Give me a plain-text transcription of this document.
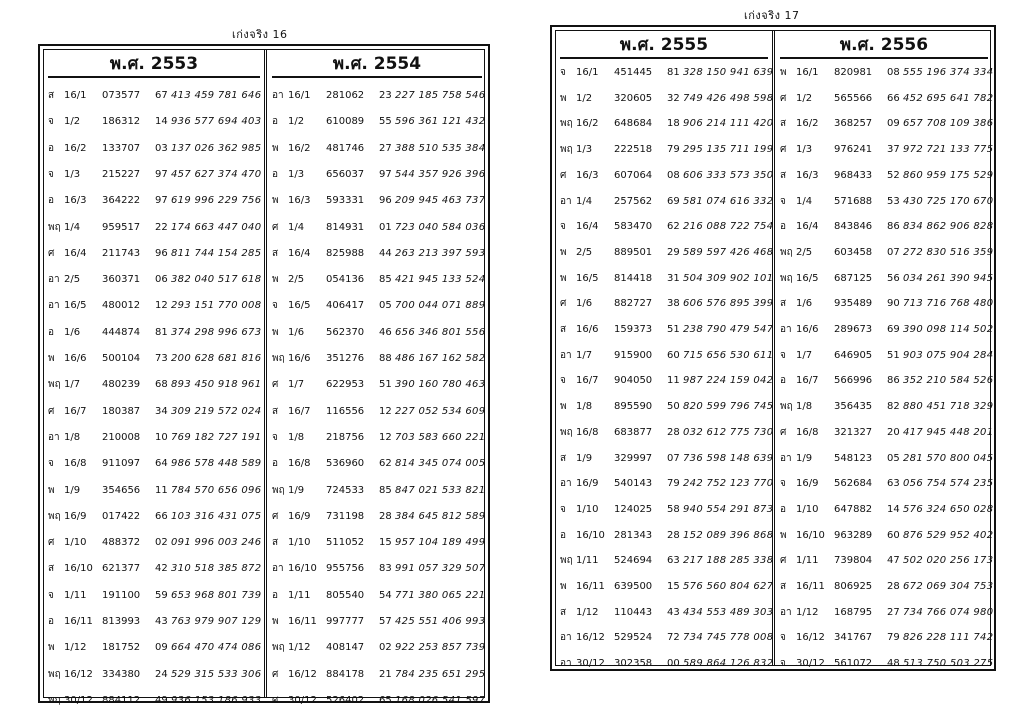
เก่งจริง 16
พ.ศ. 2553
ส 16/1 073577 67 413 459 781 646
จ 1/2 186312 14 936 577 694 403
อ 16/2 133707 03 137 026 362 985
จ 1/3 215227 97 457 627 374 470
อ 16/3 364222 97 619 996 229 756
พฤ 1/4 959517 22 174 663 447 040
ศ 16/4 211743 96 811 744 154 285
อา 2/5 360371 06 382 040 517 618
อา 16/5 480012 12 293 151 770 008
อ 1/6 444874 81 374 298 996 673
พ 16/6 500104 73 200 628 681 816
พฤ 1/7 480239 68 893 450 918 961
ศ 16/7 180387 34 309 219 572 024
อา 1/8 210008 10 769 182 727 191
จ 16/8 911097 64 986 578 448 589
พ 1/9 354656 11 784 570 656 096
พฤ 16/9 017422 66 103 316 431 075
ศ 1/10 488372 02 091 996 003 246
ส 16/10 621377 42 310 518 385 872
จ 1/11 191100 59 653 968 801 739
อ 16/11 813993 43 763 979 907 129
พ 1/12 181752 09 664 470 474 086
พฤ 16/12 334380 24 529 315 533 306
พฤ 30/12 884112 49 936 153 186 933
พ.ศ. 2554
อา 16/1 281062 23 227 185 758 546
อ 1/2 610089 55 596 361 121 432
พ 16/2 481746 27 388 510 535 384
อ 1/3 656037 97 544 357 926 396
พ 16/3 593331 96 209 945 463 737
ศ 1/4 814931 01 723 040 584 036
ส 16/4 825988 44 263 213 397 593
พ 2/5 054136 85 421 945 133 524
จ 16/5 406417 05 700 044 071 889
พ 1/6 562370 46 656 346 801 556
พฤ 16/6 351276 88 486 167 162 582
ศ 1/7 622953 51 390 160 780 463
ส 16/7 116556 12 227 052 534 609
จ 1/8 218756 12 703 583 660 221
อ 16/8 536960 62 814 345 074 005
พฤ 1/9 724533 85 847 021 533 821
ศ 16/9 731198 28 384 645 812 589
ส 1/10 511052 15 957 104 189 499
อา 16/10 955756 83 991 057 329 507
อ 1/11 805540 54 771 380 065 221
พ 16/11 997777 57 425 551 406 993
พฤ 1/12 408147 02 922 253 857 739
ศ 16/12 884178 21 784 235 651 295
ศ 30/12 526402 65 168 026 541 597
เก่งจริง 17
พ.ศ. 2555
จ 16/1 451445 81 328 150 941 639
พ 1/2 320605 32 749 426 498 598
พฤ 16/2 648684 18 906 214 111 420
พฤ 1/3 222518 79 295 135 711 199
ศ 16/3 607064 08 606 333 573 350
อา 1/4 257562 69 581 074 616 332
จ 16/4 583470 62 216 088 722 754
พ 2/5 889501 29 589 597 426 468
พ 16/5 814418 31 504 309 902 101
ศ 1/6 882727 38 606 576 895 399
ส 16/6 159373 51 238 790 479 547
อา 1/7 915900 60 715 656 530 611
จ 16/7 904050 11 987 224 159 042
พ 1/8 895590 50 820 599 796 745
พฤ 16/8 683877 28 032 612 775 730
ส 1/9 329997 07 736 598 148 639
อา 16/9 540143 79 242 752 123 770
จ 1/10 124025 58 940 554 291 873
อ 16/10 281343 28 152 089 396 868
พฤ 1/11 524694 63 217 188 285 338
พ 16/11 639500 15 576 560 804 627
ส 1/12 110443 43 434 553 489 303
อา 16/12 529524 72 734 745 778 008
อา 30/12 302358 00 589 864 126 832
พ.ศ. 2556
พ 16/1 820981 08 555 196 374 334
ศ 1/2 565566 66 452 695 641 782
ส 16/2 368257 09 657 708 109 386
ศ 1/3 976241 37 972 721 133 775
ส 16/3 968433 52 860 959 175 529
จ 1/4 571688 53 430 725 170 670
อ 16/4 843846 86 834 862 906 828
พฤ 2/5 603458 07 272 830 516 359
พฤ 16/5 687125 56 034 261 390 945
ส 1/6 935489 90 713 716 768 480
อา 16/6 289673 69 390 098 114 502
จ 1/7 646905 51 903 075 904 284
อ 16/7 566996 86 352 210 584 526
พฤ 1/8 356435 82 880 451 718 329
ศ 16/8 321327 20 417 945 448 201
อา 1/9 548123 05 281 570 800 045
จ 16/9 562684 63 056 754 574 235
อ 1/10 647882 14 576 324 650 028
พ 16/10 963289 60 876 529 952 402
ศ 1/11 739804 47 502 020 256 173
ส 16/11 806925 28 672 069 304 753
อา 1/12 168795 27 734 766 074 980
จ 16/12 341767 79 826 228 111 742
จ 30/12 561072 48 513 750 503 275
